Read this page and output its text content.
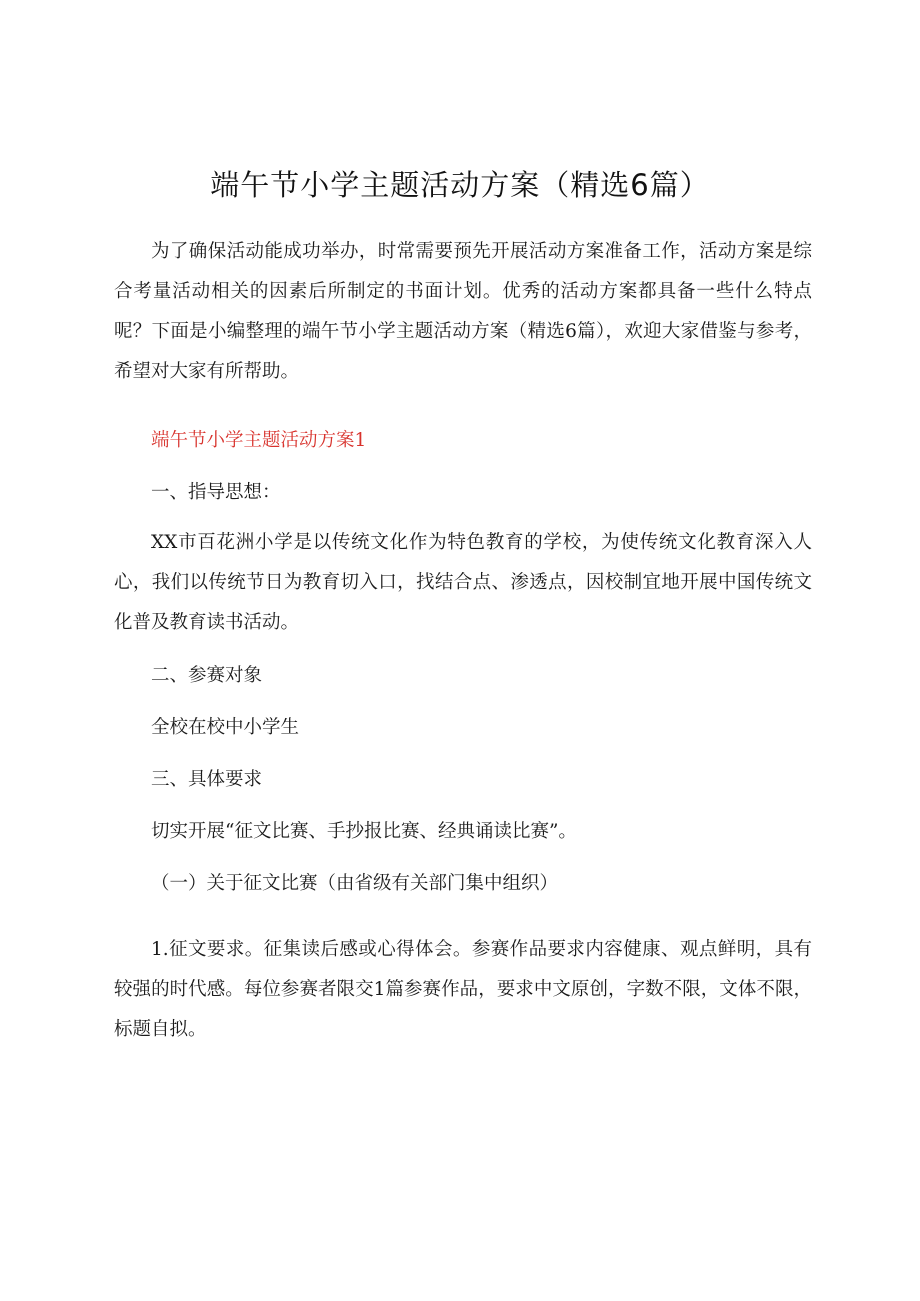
端午节小学主题活动方案（精选6篇）

为了确保活动能成功举办，时常需要预先开展活动方案准备工作，活动方案是综合考量活动相关的因素后所制定的书面计划。优秀的活动方案都具备一些什么特点呢？下面是小编整理的端午节小学主题活动方案（精选6篇），欢迎大家借鉴与参考，希望对大家有所帮助。

端午节小学主题活动方案1

一、指导思想：

XX市百花洲小学是以传统文化作为特色教育的学校，为使传统文化教育深入人心，我们以传统节日为教育切入口，找结合点、渗透点，因校制宜地开展中国传统文化普及教育读书活动。

二、参赛对象

全校在校中小学生

三、具体要求

切实开展“征文比赛、手抄报比赛、经典诵读比赛”。

（一）关于征文比赛（由省级有关部门集中组织）

1.征文要求。征集读后感或心得体会。参赛作品要求内容健康、观点鲜明，具有较强的时代感。每位参赛者限交1篇参赛作品，要求中文原创，字数不限，文体不限，标题自拟。
